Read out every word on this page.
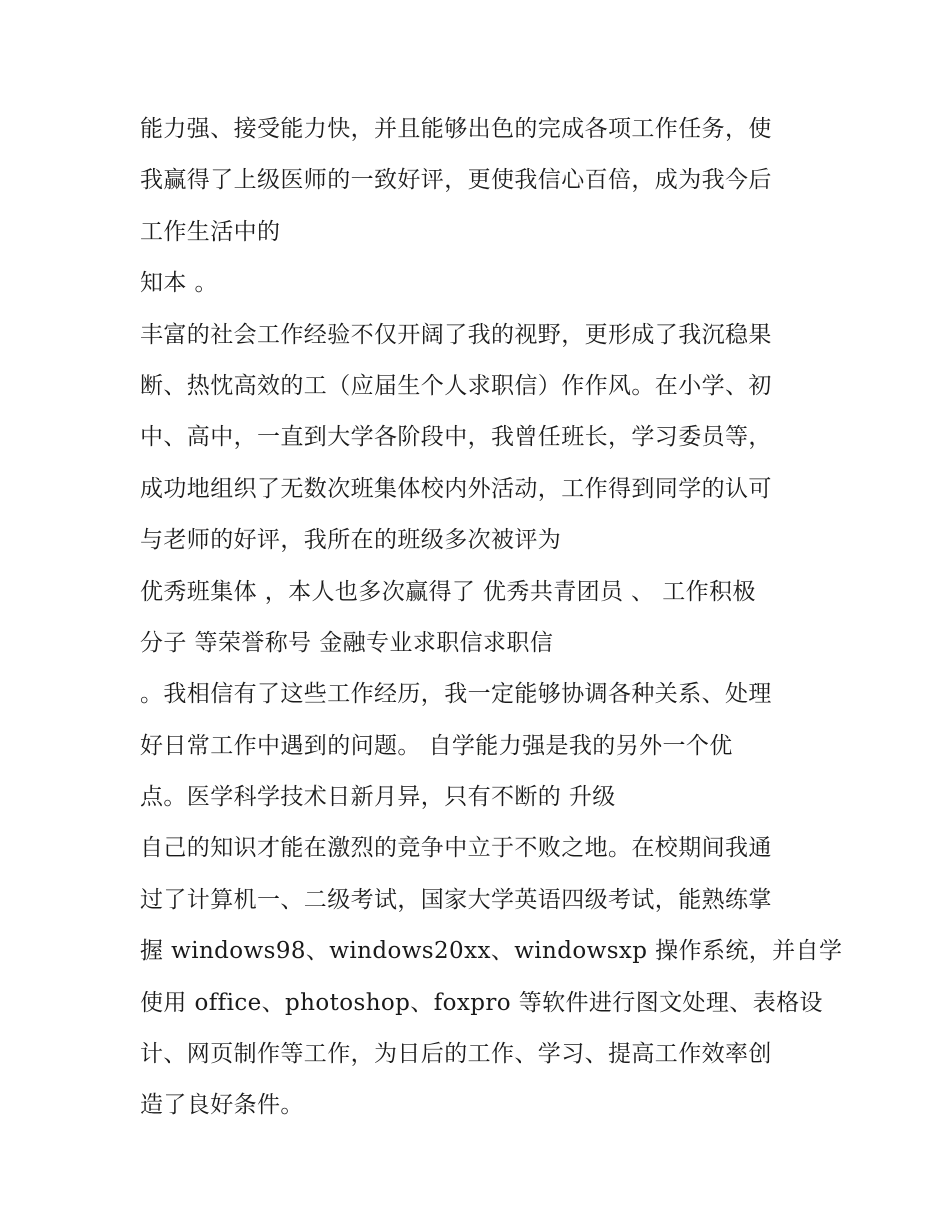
能力强、接受能力快，并且能够出色的完成各项工作任务，使
我赢得了上级医师的一致好评，更使我信心百倍，成为我今后
工作生活中的
知本 。
丰富的社会工作经验不仅开阔了我的视野，更形成了我沉稳果
断、热忱高效的工（应届生个人求职信）作作风。在小学、初
中、高中，一直到大学各阶段中，我曾任班长，学习委员等，
成功地组织了无数次班集体校内外活动，工作得到同学的认可
与老师的好评，我所在的班级多次被评为
优秀班集体 ，本人也多次赢得了 优秀共青团员 、 工作积极
分子 等荣誉称号 金融专业求职信求职信
。我相信有了这些工作经历，我一定能够协调各种关系、处理
好日常工作中遇到的问题。 自学能力强是我的另外一个优
点。医学科学技术日新月异，只有不断的 升级
自己的知识才能在激烈的竞争中立于不败之地。在校期间我通
过了计算机一、二级考试，国家大学英语四级考试，能熟练掌
握 windows98、windows20xx、windowsxp 操作系统，并自学
使用 office、photoshop、foxpro 等软件进行图文处理、表格设
计、网页制作等工作，为日后的工作、学习、提高工作效率创
造了良好条件。
